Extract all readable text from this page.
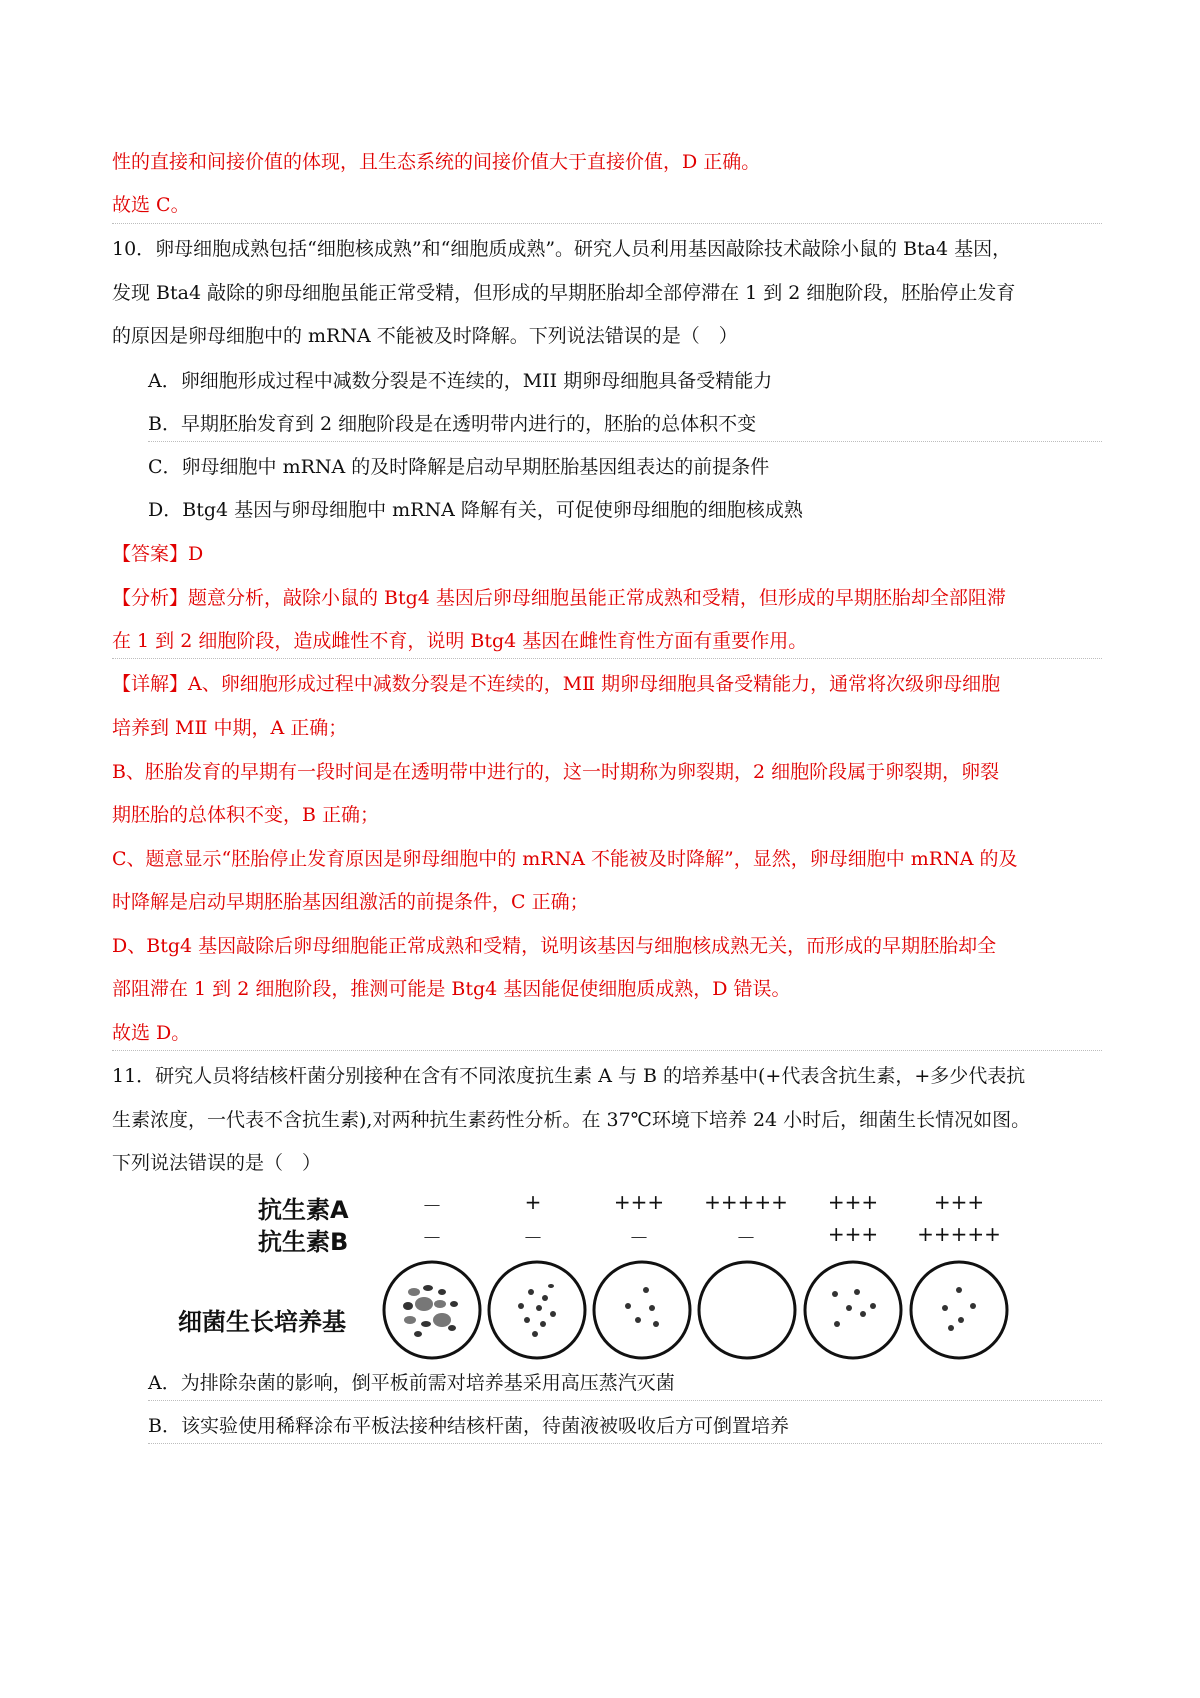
性的直接和间接价值的体现，且生态系统的间接价值大于直接价值，D 正确。
故选 C。
10．卵母细胞成熟包括“细胞核成熟”和“细胞质成熟”。研究人员利用基因敲除技术敲除小鼠的 Bta4 基因，
发现 Bta4 敲除的卵母细胞虽能正常受精，但形成的早期胚胎却全部停滞在 1 到 2 细胞阶段，胚胎停止发育
的原因是卵母细胞中的 mRNA 不能被及时降解。下列说法错误的是（　）
A．卵细胞形成过程中减数分裂是不连续的，MII 期卵母细胞具备受精能力
B．早期胚胎发育到 2 细胞阶段是在透明带内进行的，胚胎的总体积不变
C．卵母细胞中 mRNA 的及时降解是启动早期胚胎基因组表达的前提条件
D．Btg4 基因与卵母细胞中 mRNA 降解有关，可促使卵母细胞的细胞核成熟
【答案】D
【分析】题意分析，敲除小鼠的 Btg4 基因后卵母细胞虽能正常成熟和受精，但形成的早期胚胎却全部阻滞
在 1 到 2 细胞阶段，造成雌性不育，说明 Btg4 基因在雌性育性方面有重要作用。
【详解】A、卵细胞形成过程中减数分裂是不连续的，MⅡ 期卵母细胞具备受精能力，通常将次级卵母细胞
培养到 MⅡ 中期，A 正确；
B、胚胎发育的早期有一段时间是在透明带中进行的，这一时期称为卵裂期，2 细胞阶段属于卵裂期，卵裂
期胚胎的总体积不变，B 正确；
C、题意显示“胚胎停止发育原因是卵母细胞中的 mRNA 不能被及时降解”，显然，卵母细胞中 mRNA 的及
时降解是启动早期胚胎基因组激活的前提条件，C 正确；
D、Btg4 基因敲除后卵母细胞能正常成熟和受精，说明该基因与细胞核成熟无关，而形成的早期胚胎却全
部阻滞在 1 到 2 细胞阶段，推测可能是 Btg4 基因能促使细胞质成熟，D 错误。
故选 D。
11．研究人员将结核杆菌分别接种在含有不同浓度抗生素 A 与 B 的培养基中(+代表含抗生素，+多少代表抗
生素浓度，一代表不含抗生素),对两种抗生素药性分析。在 37℃环境下培养 24 小时后，细菌生长情况如图。
下列说法错误的是（　）
抗生素A
抗生素B
细菌生长培养基
－	+	+++	+++++	+++	+++
－	－	－	－	+++	+++++
A．为排除杂菌的影响，倒平板前需对培养基采用高压蒸汽灭菌
B．该实验使用稀释涂布平板法接种结核杆菌，待菌液被吸收后方可倒置培养
